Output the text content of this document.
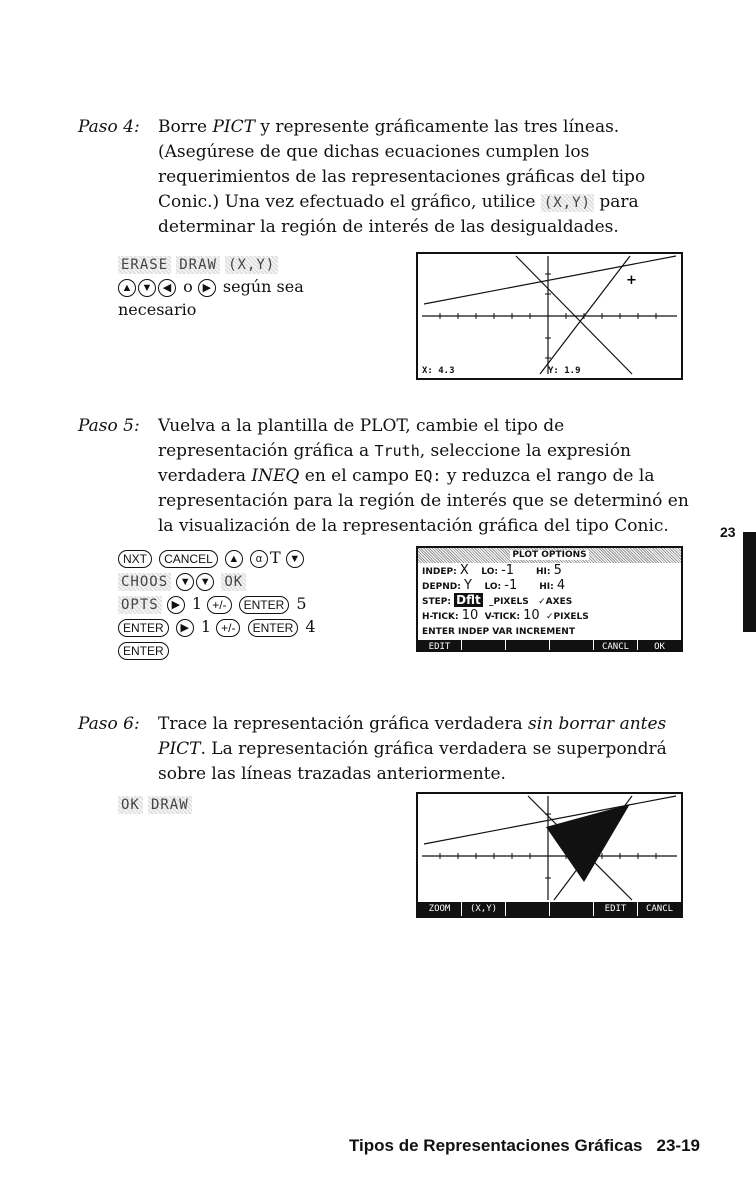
Paso 4:	Borre PICT y represente gráficamente las tres líneas.
(Asegúrese de que dichas ecuaciones cumplen los
requerimientos de las representaciones gráficas del tipo
Conic.) Una vez efectuado el gráfico, utilice (X,Y) para
determinar la región de interés de las desigualdades.
ERASE DRAW (X,Y)
▲ ▼ ◀ o ▶ según sea
necesario
+
X: 4.3	Y: 1.9
Paso 5:	Vuelva a la plantilla de PLOT, cambie el tipo de
representación gráfica a Truth, seleccione la expresión
verdadera INEQ en el campo EQ: y reduzca el rango de la
representación para la región de interés que se determinó en
la visualización de la representación gráfica del tipo Conic.
NXT CANCEL ▲ α T ▼
CHOOS ▼ ▼ OK
OPTS ▶ 1 +/- ENTER 5
ENTER ▶ 1 +/- ENTER 4
ENTER
PLOT OPTIONS
INDEP: X LO: -1 HI: 5
DEPND: Y LO: -1 HI: 4
STEP: Dflt _PIXELS ✓AXES
H-TICK: 10 V-TICK: 10 ✓PIXELS
ENTER INDEP VAR INCREMENT
EDIT	CANCL	OK
23
Paso 6:	Trace la representación gráfica verdadera sin borrar antes
PICT. La representación gráfica verdadera se superpondrá
sobre las líneas trazadas anteriormente.
OK DRAW
ZOOM	(X,Y)	EDIT	CANCL
Tipos de Representaciones Gráficas 23-19
